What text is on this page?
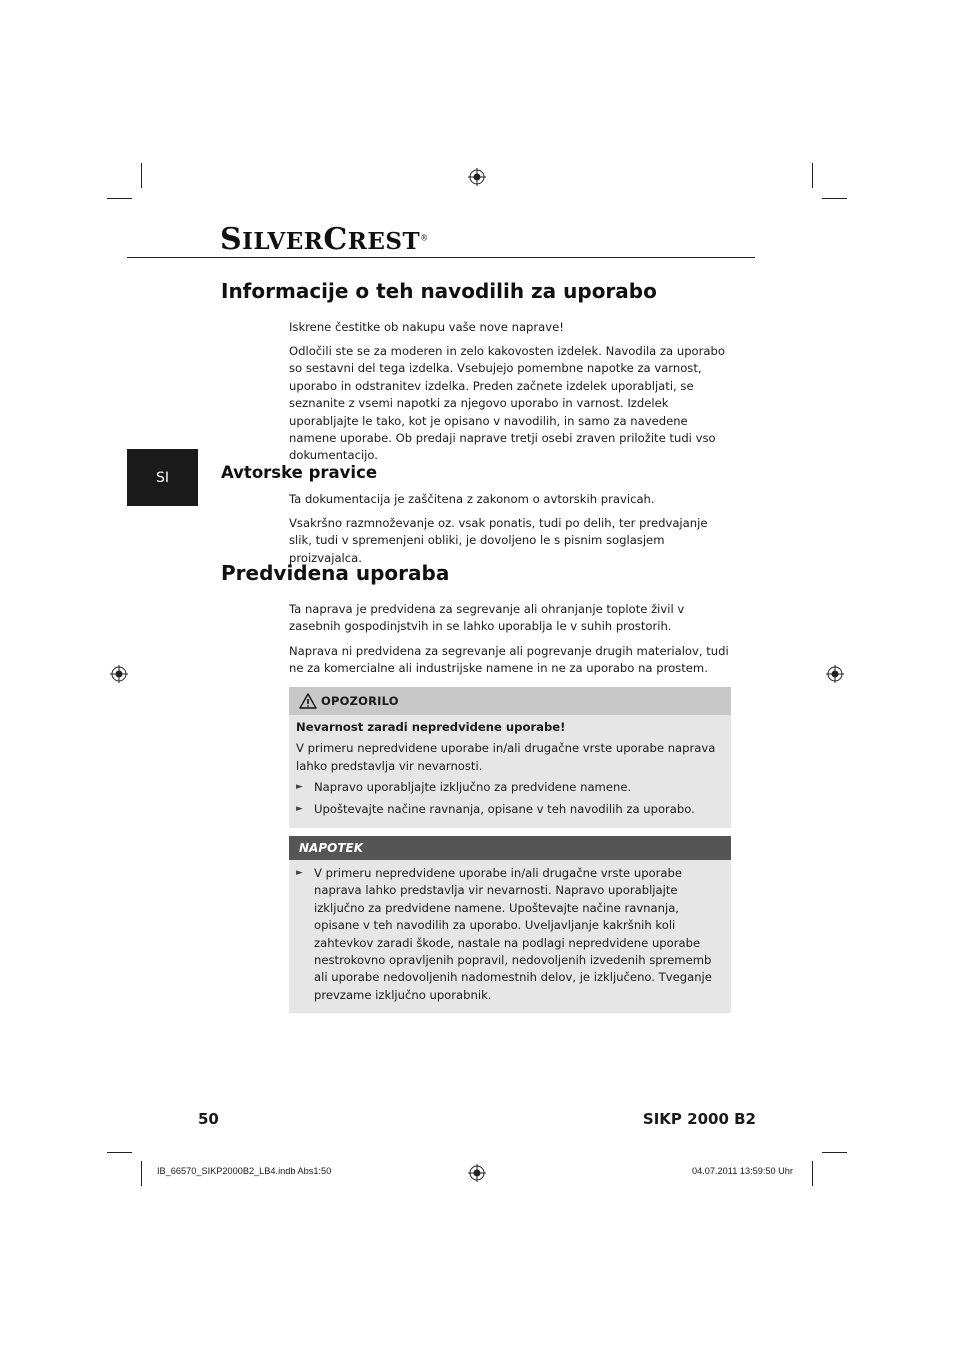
SILVERCREST®
Informacije o teh navodilih za uporabo

Iskrene čestitke ob nakupu vaše nove naprave!

Odločili ste se za moderen in zelo kakovosten izdelek. Navodila za uporabo so sestavni del tega izdelka. Vsebujejo pomembne napotke za varnost, uporabo in odstranitev izdelka. Preden začnete izdelek uporabljati, se seznanite z vsemi napotki za njegovo uporabo in varnost. Izdelek uporabljajte le tako, kot je opisano v navodilih, in samo za navedene namene uporabe. Ob predaji naprave tretji osebi zraven priložite tudi vso dokumentacijo.

SI	Avtorske pravice

Ta dokumentacija je zaščitena z zakonom o avtorskih pravicah.

Vsakršno razmnoževanje oz. vsak ponatis, tudi po delih, ter predvajanje slik, tudi v spremenjeni obliki, je dovoljeno le s pisnim soglasjem proizvajalca.

Predvidena uporaba

Ta naprava je predvidena za segrevanje ali ohranjanje toplote živil v zasebnih gospodinjstvih in se lahko uporablja le v suhih prostorih.

Naprava ni predvidena za segrevanje ali pogrevanje drugih materialov, tudi ne za komercialne ali industrijske namene in ne za uporabo na prostem.

OPOZORILO

Nevarnost zaradi nepredvidene uporabe!

V primeru nepredvidene uporabe in/ali drugačne vrste uporabe naprava lahko predstavlja vir nevarnosti.

► Napravo uporabljajte izključno za predvidene namene.
► Upoštevajte načine ravnanja, opisane v teh navodilih za uporabo.
NAPOTEK
► V primeru nepredvidene uporabe in/ali drugačne vrste uporabe naprava lahko predstavlja vir nevarnosti. Napravo uporabljajte izključno za predvidene namene. Upoštevajte načine ravnanja, opisane v teh navodilih za uporabo. Uveljavljanje kakršnih koli zahtevkov zaradi škode, nastale na podlagi nepredvidene uporabe nestrokovno opravljenih popravil, nedovoljenih izvedenih sprememb ali uporabe nedovoljenih nadomestnih delov, je izključeno. Tveganje prevzame izključno uporabnik.
50	SIKP 2000 B2
IB_66570_SIKP2000B2_LB4.indb Abs1:50	04.07.2011 13:59:50 Uhr
